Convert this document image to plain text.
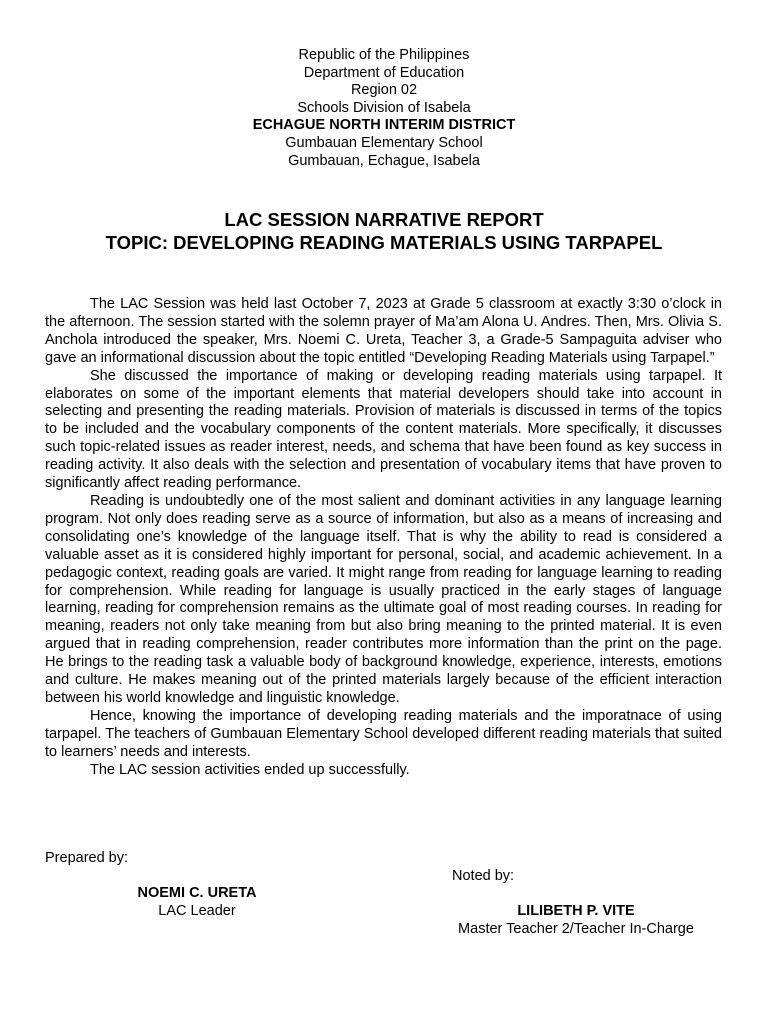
Republic of the Philippines
Department of Education
Region 02
Schools Division of Isabela
ECHAGUE NORTH INTERIM DISTRICT
Gumbauan Elementary School
Gumbauan, Echague, Isabela
LAC SESSION NARRATIVE REPORT
TOPIC: DEVELOPING READING MATERIALS USING TARPAPEL

The LAC Session was held last October 7, 2023 at Grade 5 classroom at exactly 3:30 o’clock in the afternoon. The session started with the solemn prayer of Ma’am Alona U. Andres. Then, Mrs. Olivia S. Anchola introduced the speaker, Mrs. Noemi C. Ureta, Teacher 3, a Grade-5 Sampaguita adviser who gave an informational discussion about the topic entitled “Developing Reading Materials using Tarpapel.”

She discussed the importance of making or developing reading materials using tarpapel. It elaborates on some of the important elements that material developers should take into account in selecting and presenting the reading materials. Provision of materials is discussed in terms of the topics to be included and the vocabulary components of the content materials. More specifically, it discusses such topic-related issues as reader interest, needs, and schema that have been found as key success in reading activity. It also deals with the selection and presentation of vocabulary items that have proven to significantly affect reading performance.

Reading is undoubtedly one of the most salient and dominant activities in any language learning program. Not only does reading serve as a source of information, but also as a means of increasing and consolidating one’s knowledge of the language itself. That is why the ability to read is considered a valuable asset as it is considered highly important for personal, social, and academic achievement. In a pedagogic context, reading goals are varied. It might range from reading for language learning to reading for comprehension. While reading for language is usually practiced in the early stages of language learning, reading for comprehension remains as the ultimate goal of most reading courses. In reading for meaning, readers not only take meaning from but also bring meaning to the printed material. It is even argued that in reading comprehension, reader contributes more information than the print on the page. He brings to the reading task a valuable body of background knowledge, experience, interests, emotions and culture. He makes meaning out of the printed materials largely because of the efficient interaction between his world knowledge and linguistic knowledge.

Hence, knowing the importance of developing reading materials and the imporatnace of using tarpapel. The teachers of Gumbauan Elementary School developed different reading materials that suited to learners’ needs and interests.

The LAC session activities ended up successfully.

Prepared by:
NOEMI C. URETA
LAC Leader
Noted by:
LILIBETH P. VITE
Master Teacher 2/Teacher In-Charge
